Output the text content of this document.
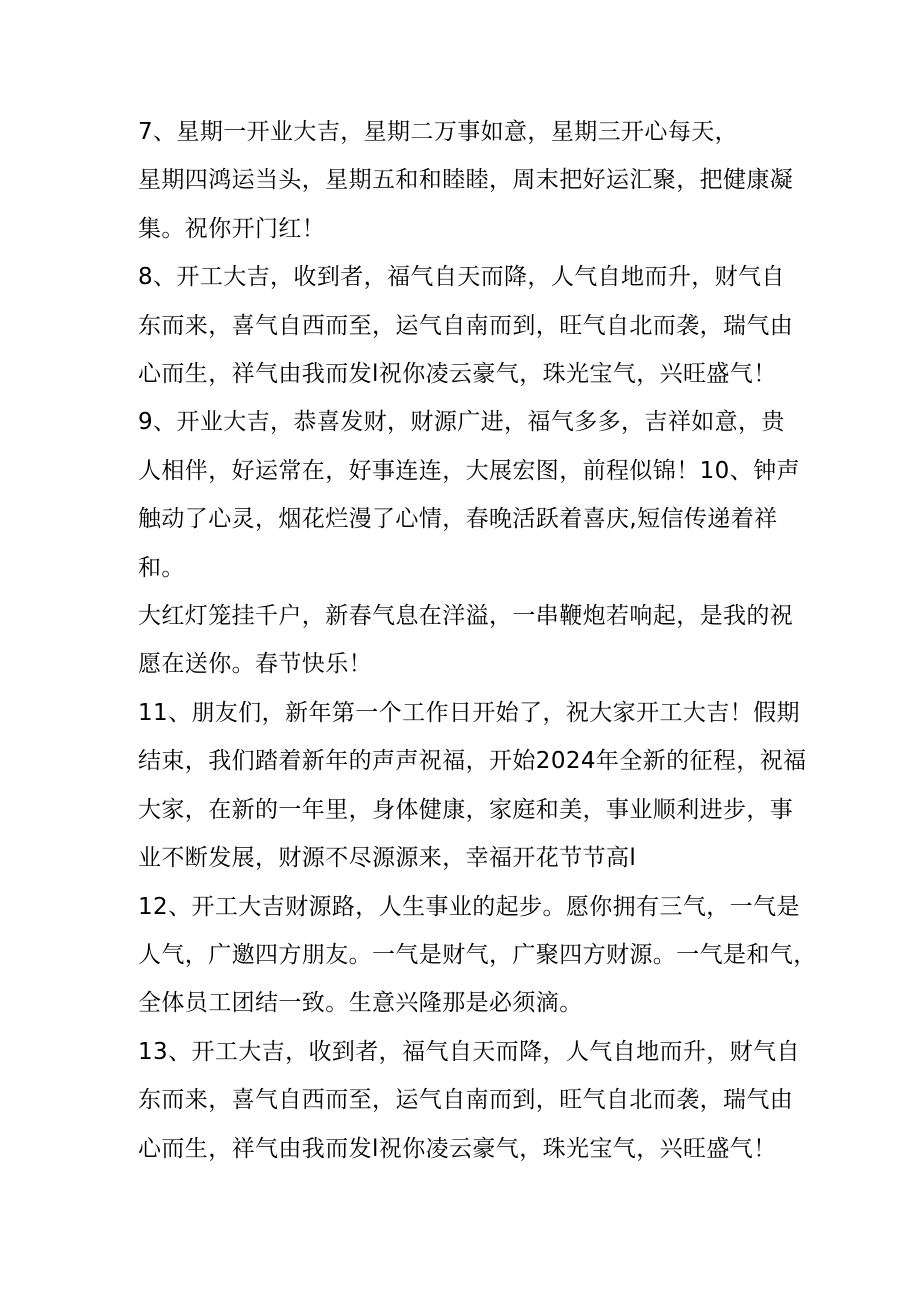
7、星期一开业大吉，星期二万事如意，星期三开心每天，
星期四鸿运当头，星期五和和睦睦，周末把好运汇聚，把健康凝
集。祝你开门红！
8、开工大吉，收到者，福气自天而降，人气自地而升，财气自
东而来，喜气自西而至，运气自南而到，旺气自北而袭，瑞气由
心而生，祥气由我而发l祝你凌云豪气，珠光宝气，兴旺盛气！
9、开业大吉，恭喜发财，财源广进，福气多多，吉祥如意，贵
人相伴，好运常在，好事连连，大展宏图，前程似锦！10、钟声
触动了心灵，烟花烂漫了心情，春晚活跃着喜庆,短信传递着祥
和。
大红灯笼挂千户，新春气息在洋溢，一串鞭炮若响起，是我的祝
愿在送你。春节快乐！
11、朋友们，新年第一个工作日开始了，祝大家开工大吉！假期
结束，我们踏着新年的声声祝福，开始2024年全新的征程，祝福
大家，在新的一年里，身体健康，家庭和美，事业顺利进步，事
业不断发展，财源不尽源源来，幸福开花节节高l
12、开工大吉财源路，人生事业的起步。愿你拥有三气，一气是
人气，广邀四方朋友。一气是财气，广聚四方财源。一气是和气，
全体员工团结一致。生意兴隆那是必须滴。
13、开工大吉，收到者，福气自天而降，人气自地而升，财气自
东而来，喜气自西而至，运气自南而到，旺气自北而袭，瑞气由
心而生，祥气由我而发l祝你凌云豪气，珠光宝气，兴旺盛气！
